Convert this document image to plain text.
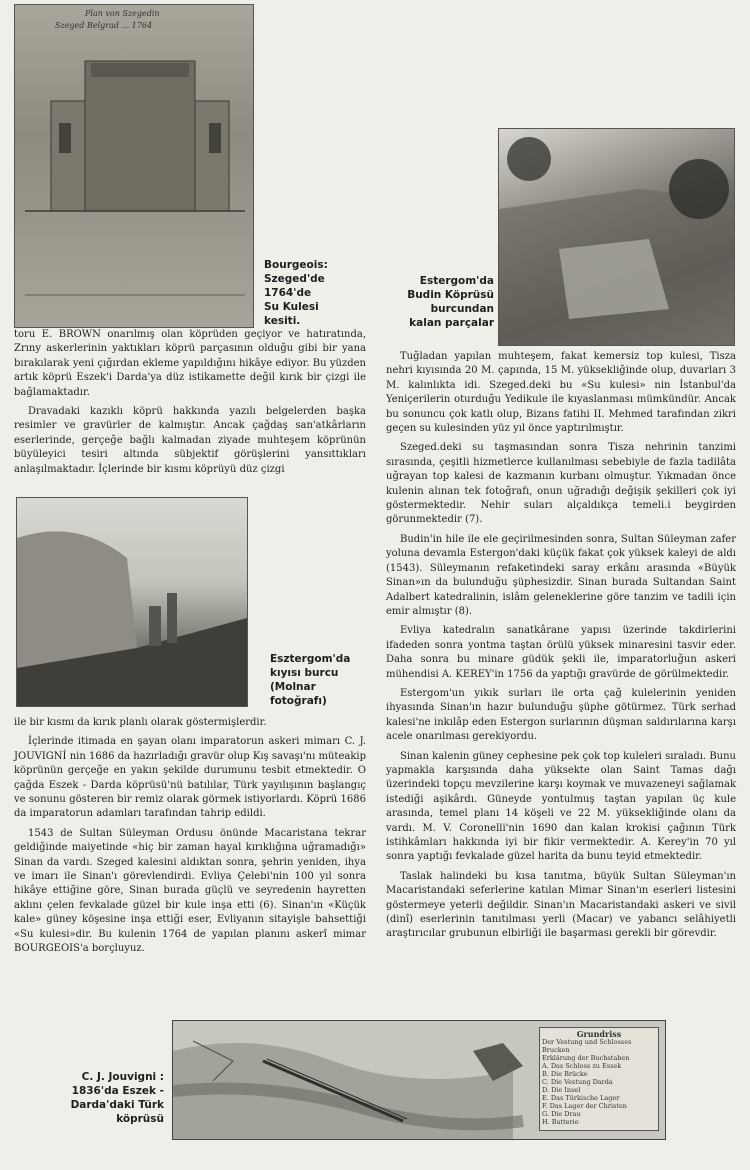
Plan von Szegedin
Szeged Belgrad ... 1764
Bourgeois:
Szeged'de
1764'de
Su Kulesi
kesiti.
Estergom'da
Budin Köprüsü
burcundan
kalan parçalar

toru E. BROWN onarılmış olan köprüden geçiyor ve hatıratında, Zrıny askerlerinin yaktıkları köprü parçasının olduğu gibi bir yana bırakılarak yeni çığırdan ekleme yapıldığını hikâye ediyor. Bu yüzden artık köprü Eszek'i Darda'ya düz istikamette değil kırık bir çizgi ile bağlamaktadır.

Dravadaki kazıklı köprü hakkında yazılı belgelerden başka resimler ve gravürler de kalmıştır. Ancak çağdaş san'atkârların eserlerinde, gerçeğe bağlı kalmadan ziyade muhteşem köprünün büyüleyici tesiri altında sübjektif görüşlerini yansıttıkları anlaşılmaktadır. İçlerinde bir kısmı köprüyü düz çizgi

Esztergom'da
kıyısı burcu
(Molnar
fotoğrafı)

ile bir kısmı da kırık planlı olarak göstermişlerdir.

İçlerinde itimada en şayan olanı imparatorun askeri mimarı C. J. JOUVIGNİ nin 1686 da hazırladığı gravür olup Kış savaşı'nı müteakip köprünün gerçeğe en yakın şekilde durumunu tesbit etmektedir. O çağda Eszek - Darda köprüsü'nü batılılar, Türk yayılışının başlangıç ve sonunu gösteren bir remiz olarak görmek istiyorlardı. Köprü 1686 da imparatorun adamları tarafından tahrip edildi.

1543 de Sultan Süleyman Ordusu önünde Macaristana tekrar geldiğinde maiyetinde «hiç bir zaman hayal kırıklığına uğramadığı» Sinan da vardı. Szeged kalesini aldıktan sonra, şehrin yeniden, ihya ve imarı ile Sinan'ı görevlendirdi. Evliya Çelebi'nin 100 yıl sonra hikâye ettiğine göre, Sinan burada güçlü ve seyredenin hayretten aklını çelen fevkalade güzel bir kule inşa etti (6). Sinan'ın «Küçük kale» güney köşesine inşa ettiği eser, Evliyanın sitayişle bahsettiği «Su kulesi»dir. Bu kulenin 1764 de yapılan planını askerî mimar BOURGEOIS'a borçluyuz.

Tuğladan yapılan muhteşem, fakat kemersiz top kulesi, Tisza nehri kıyısında 20 M. çapında, 15 M. yüksekliğinde olup, duvarları 3 M. kalınlıkta idi. Szeged.deki bu «Su kulesi» nin İstanbul'da Yeniçerilerin oturduğu Yedikule ile kıyaslanması mümkündür. Ancak bu sonuncu çok katlı olup, Bizans fatihi II. Mehmed tarafından zikri geçen su kulesinden yüz yıl önce yaptırılmıştır.

Szeged.deki su taşmasından sonra Tisza nehrinin tanzimi sırasında, çeşitli hizmetlerce kullanılması sebebiyle de fazla tadilâta uğrayan top kalesi de kazmanın kurbanı olmuştur. Yıkmadan önce kulenin alınan tek fotoğrafı, onun uğradığı değişik şekilleri çok iyi göstermektedir. Nehir suları alçaldıkça temeli.i beygirden görunmektedir (7).

Budin'in hile ile ele geçirilmesinden sonra, Sultan Süleyman zafer yoluna devamla Estergon'daki küçük fakat çok yüksek kaleyi de aldı (1543). Süleymanın refaketindeki saray erkânı arasında «Büyük Sinan»ın da bulunduğu şüphesizdir. Sinan burada Sultandan Saint Adalbert katedralinin, islâm geleneklerine göre tanzim ve tadili için emir almıştır (8).

Evliya katedralın sanatkârane yapısı üzerinde takdirlerini ifadeden sonra yontma taştan örülü yüksek minaresini tasvir eder. Daha sonra bu minare güdük şekli ile, imparatorluğun askeri mühendisi A. KEREY'in 1756 da yaptığı gravürde de görülmektedir.

Estergom'un yıkık surları ile orta çağ kulelerinin yeniden ihyasında Sinan'ın hazır bulunduğu şüphe götürmez. Türk serhad kalesi'ne inkılâp eden Estergon surlarının düşman saldırılarına karşı acele onarılması gerekiyordu.

Sinan kalenin güney cephesine pek çok top kuleleri sıraladı. Bunu yapmakla karşısında daha yüksekte olan Saint Tamas dağı üzerindeki topçu mevzilerine karşı koymak ve muvazeneyi sağlamak istediği aşikârdı. Güneyde yontulmuş taştan yapılan üç kule arasında, temel planı 14 köşeli ve 22 M. yüksekliğinde olanı da vardı. M. V. Coronelli'nin 1690 dan kalan krokisi çağının Türk istihkâmları hakkında iyi bir fikir vermektedir. A. Kerey'in 70 yıl sonra yaptığı fevkalade güzel harita da bunu teyid etmektedir.

Taslak halindeki bu kısa tanıtma, büyük Sultan Süleyman'ın Macaristandaki seferlerine katılan Mimar Sinan'ın eserleri listesini göstermeye yeterli değildir. Sinan'ın Macaristandaki askeri ve sivil (dinî) eserlerinin tanıtılması yerli (Macar) ve yabancı selâhiyetli araştırıcılar grubunun elbirliği ile başarması gerekli bir görevdir.

Grundriss
Der Vestung und Schlosses Brucken
Erklärung der Buchstaben
A. Das Schloss zu Essek
B. Die Brücke
C. Die Vestung Darda
D. Die Insel
E. Das Türkische Lager
F. Das Lager der Christen
G. Die Drau
H. Batterie
C. J. Jouvigni :
1836'da Eszek -
Darda'daki Türk
köprüsü
